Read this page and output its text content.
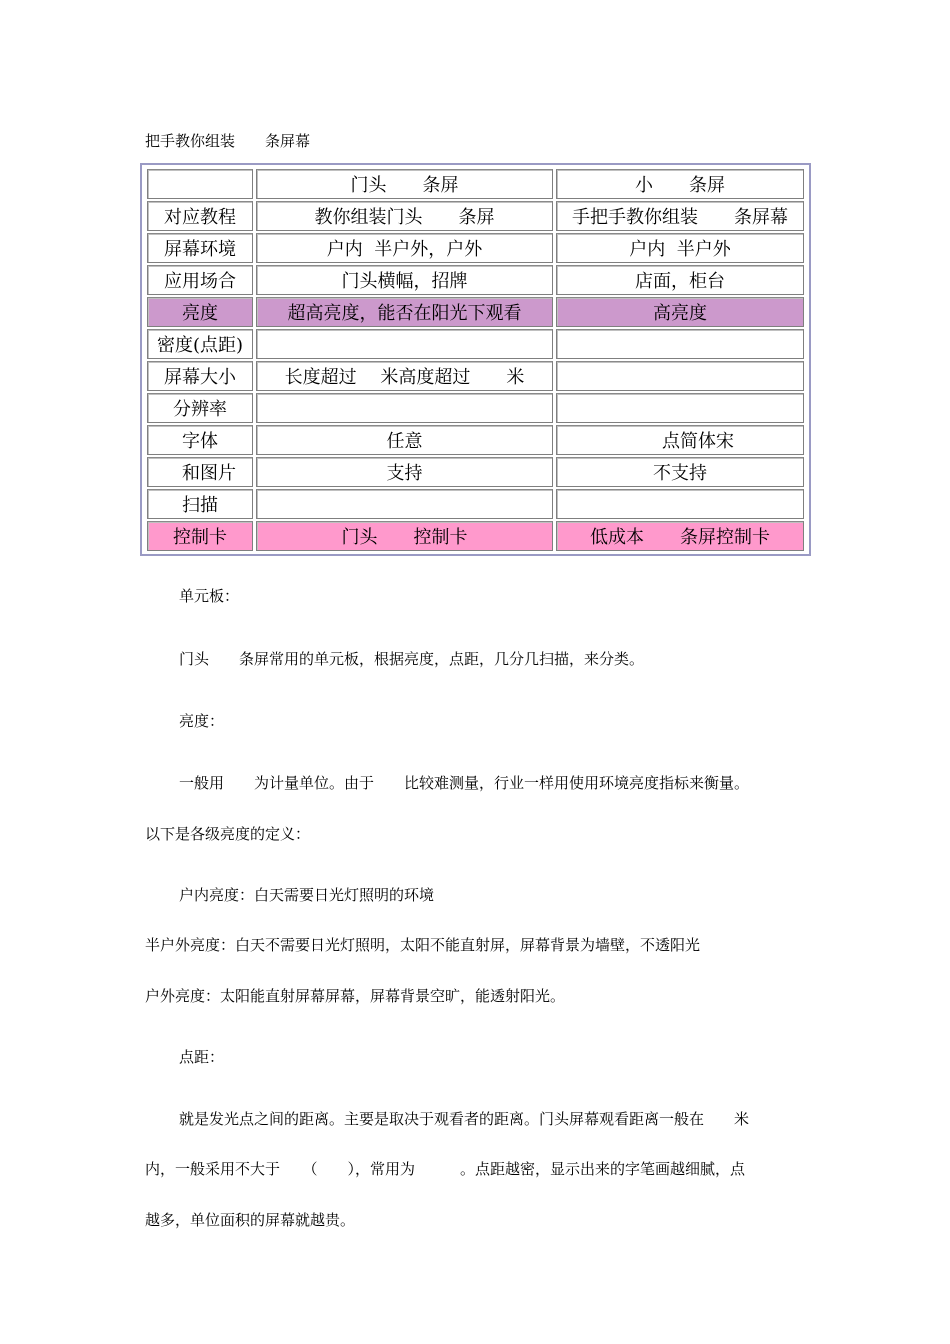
把手教你组装　　条屏幕
	门头　　条屏	小　　条屏
对应教程	教你组装门头　　条屏	手把手教你组装　　条屏幕
屏幕环境	户内  半户外，户外	户内  半户外
应用场合	门头横幅，招牌	店面，柜台
亮度	超高亮度，能否在阳光下观看	高亮度
密度(点距)		
屏幕大小	长度超过　 米高度超过　　米	
分辨率		
字体	任意	　　点简体宋
　和图片	支持	不支持
扫描		
控制卡	门头　　控制卡	低成本　　条屏控制卡
单元板：
门头　　条屏常用的单元板，根据亮度，点距，几分几扫描，来分类。
亮度：
一般用　　为计量单位。由于　　比较难测量，行业一样用使用环境亮度指标来衡量。
以下是各级亮度的定义：
户内亮度：白天需要日光灯照明的环境
半户外亮度：白天不需要日光灯照明，太阳不能直射屏，屏幕背景为墙壁，不透阳光
户外亮度：太阳能直射屏幕屏幕，屏幕背景空旷，能透射阳光。
点距：
就是发光点之间的距离。主要是取决于观看者的距离。门头屏幕观看距离一般在　　米
内，一般采用不大于　　（　　），常用为　　　。点距越密，显示出来的字笔画越细腻，点
越多，单位面积的屏幕就越贵。
